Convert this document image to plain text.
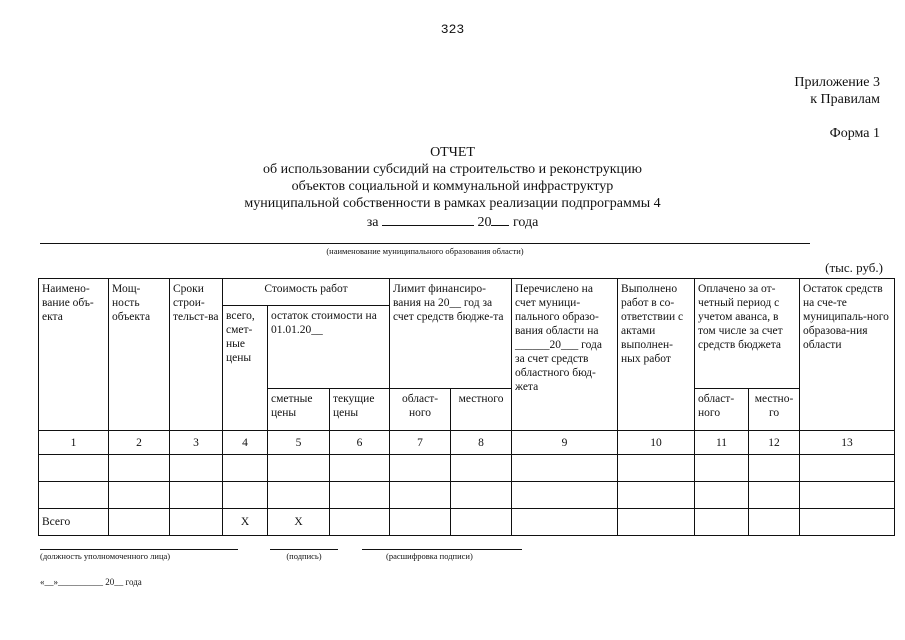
323
Приложение 3
к Правилам
Форма 1
ОТЧЕТ
об использовании субсидий на строительство и реконструкцию
объектов социальной и коммунальной инфраструктур
муниципальной собственности в рамках реализации подпрограммы 4
за	20 года
(наименование муниципального образования области)
(тыс. руб.)
Наимено-вание объ-екта	Мощ-ность объекта	Сроки строи-тельст-ва	Стоимость работ			Лимит финансиро-вания на 20__ год за счет средств бюдже-та		Перечислено на счет муници-пального образо-вания области на ______20___ года за счет средств областного бюд-жета	Выполнено работ в со-ответствии с актами выполнен-ных работ	Оплачено за от-четный период с учетом аванса, в том числе за счет средств бюджета		Остаток средств на сче-те муниципаль-ного образова-ния области
			всего, смет-ные цены	остаток стоимости на 01.01.20__								
				сметные цены	текущие цены	област-ного	местного			област-ного	местно-го	
1	2	3	4	5	6	7	8	9	10	11	12	13

Всего			X	X								
(должность уполномоченного лица)	(подпись)	(расшифровка подписи)
«__»__________ 20__ года
